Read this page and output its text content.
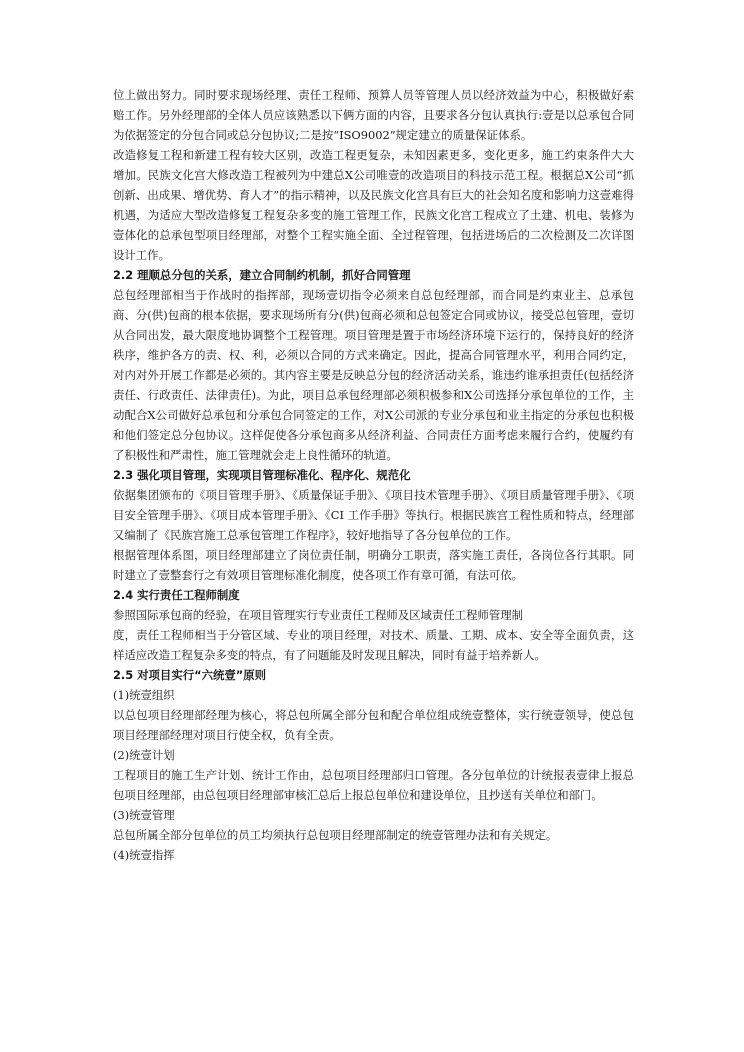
位上做出努力。同时要求现场经理、责任工程师、预算人员等管理人员以经济效益为中心，积极做好索赔工作。另外经理部的全体人员应该熟悉以下俩方面的内容，且要求各分包认真执行:壹是以总承包合同为依据签定的分包合同或总分包协议;二是按“ISO9002”规定建立的质量保证体系。

改造修复工程和新建工程有较大区别，改造工程更复杂，未知因素更多，变化更多，施工约束条件大大增加。民族文化宫大修改造工程被列为中建总X公司唯壹的改造项目的科技示范工程。根据总X公司“抓创新、出成果、增优势、育人才”的指示精神，以及民族文化宫具有巨大的社会知名度和影响力这壹难得机遇，为适应大型改造修复工程复杂多变的施工管理工作，民族文化宫工程成立了土建、机电、装修为壹体化的总承包型项目经理部，对整个工程实施全面、全过程管理，包括进场后的二次检测及二次详图设计工作。

2.2 理顺总分包的关系，建立合同制约机制，抓好合同管理

总包经理部相当于作战时的指挥部，现场壹切指令必须来自总包经理部，而合同是约束业主、总承包商、分(供)包商的根本依据，要求现场所有分(供)包商必须和总包签定合同或协议，接受总包管理，壹切从合同出发，最大限度地协调整个工程管理。项目管理是置于市场经济环境下运行的，保持良好的经济秩序，维护各方的责、权、利，必须以合同的方式来确定。因此，提高合同管理水平，利用合同约定，对内对外开展工作都是必须的。其内容主要是反映总分包的经济活动关系，谁违约谁承担责任(包括经济责任、行政责任、法律责任)。为此，项目总承包经理部必须积极参和X公司选择分承包单位的工作，主动配合X公司做好总承包和分承包合同签定的工作，对X公司派的专业分承包和业主指定的分承包也积极和他们签定总分包协议。这样促使各分承包商多从经济利益、合同责任方面考虑来履行合约，使履约有了积极性和严肃性，施工管理就会走上良性循环的轨道。

2.3 强化项目管理，实现项目管理标准化、程序化、规范化

依据集团颁布的《项目管理手册》、《质量保证手册》、《项目技术管理手册》、《项目质量管理手册》、《项目安全管理手册》、《项目成本管理手册》、《CI 工作手册》等执行。根据民族宫工程性质和特点，经理部又编制了《民族宫施工总承包管理工作程序》，较好地指导了各分包单位的工作。

根据管理体系图，项目经理部建立了岗位责任制，明确分工职责，落实施工责任，各岗位各行其职。同时建立了壹整套行之有效项目管理标准化制度，使各项工作有章可循，有法可依。

2.4 实行责任工程师制度

参照国际承包商的经验，在项目管理实行专业责任工程师及区域责任工程师管理制

度，责任工程师相当于分管区域、专业的项目经理，对技术、质量、工期、成本、安全等全面负责，这样适应改造工程复杂多变的特点，有了问题能及时发现且解决，同时有益于培养新人。

2.5 对项目实行“六统壹”原则

(1)统壹组织

以总包项目经理部经理为核心，将总包所属全部分包和配合单位组成统壹整体，实行统壹领导，使总包项目经理部经理对项目行使全权，负有全责。

(2)统壹计划

工程项目的施工生产计划、统计工作由，总包项目经理部归口管理。各分包单位的计统报表壹律上报总包项目经理部，由总包项目经理部审核汇总后上报总包单位和建设单位，且抄送有关单位和部门。

(3)统壹管理

总包所属全部分包单位的员工均须执行总包项目经理部制定的统壹管理办法和有关规定。

(4)统壹指挥
